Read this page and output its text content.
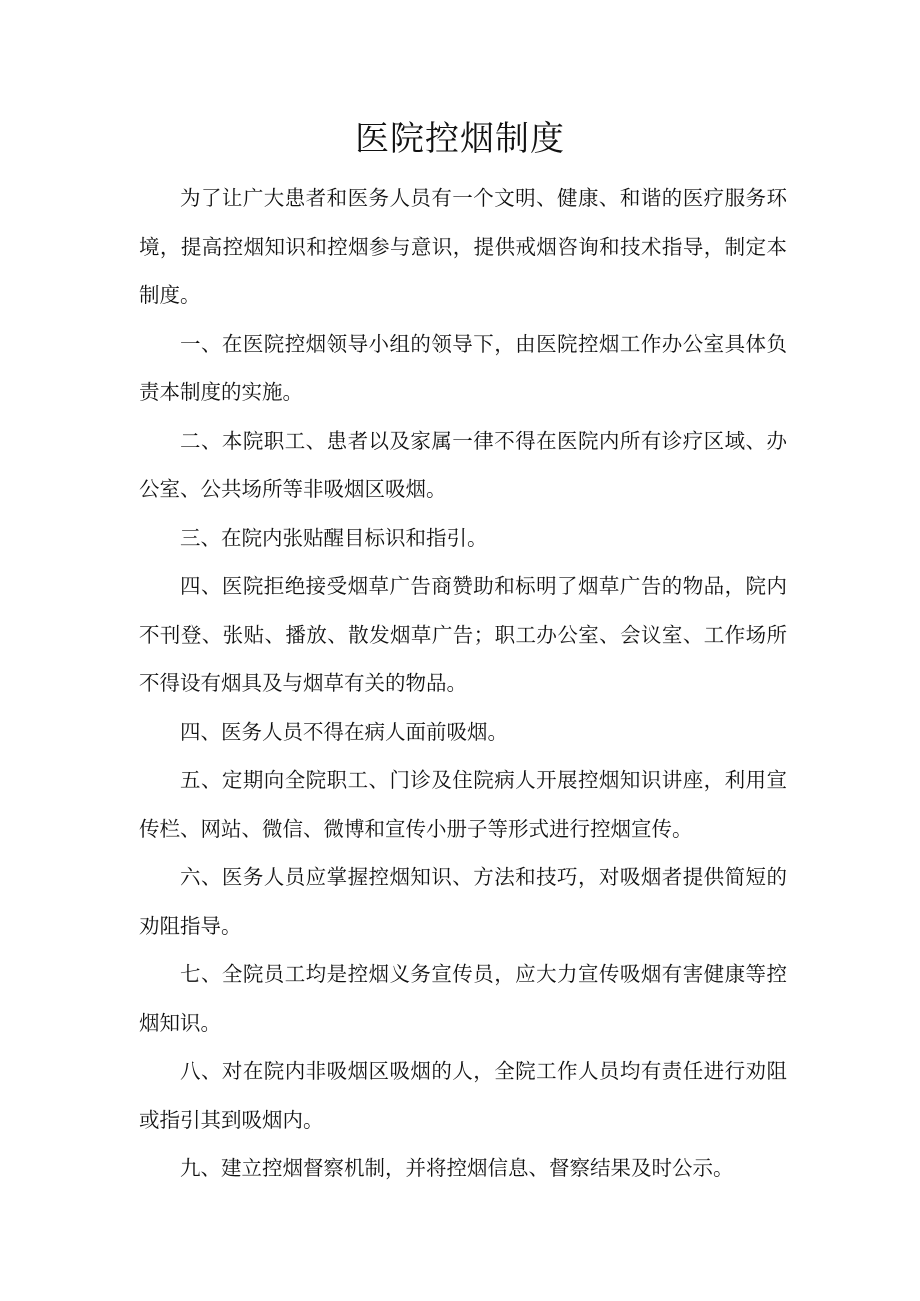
医院控烟制度

为了让广大患者和医务人员有一个文明、健康、和谐的医疗服务环境，提高控烟知识和控烟参与意识，提供戒烟咨询和技术指导，制定本制度。

一、在医院控烟领导小组的领导下，由医院控烟工作办公室具体负责本制度的实施。

二、本院职工、患者以及家属一律不得在医院内所有诊疗区域、办公室、公共场所等非吸烟区吸烟。

三、在院内张贴醒目标识和指引。

四、医院拒绝接受烟草广告商赞助和标明了烟草广告的物品，院内不刊登、张贴、播放、散发烟草广告；职工办公室、会议室、工作场所不得设有烟具及与烟草有关的物品。

四、医务人员不得在病人面前吸烟。

五、定期向全院职工、门诊及住院病人开展控烟知识讲座，利用宣传栏、网站、微信、微博和宣传小册子等形式进行控烟宣传。

六、医务人员应掌握控烟知识、方法和技巧，对吸烟者提供简短的劝阻指导。

七、全院员工均是控烟义务宣传员，应大力宣传吸烟有害健康等控烟知识。

八、对在院内非吸烟区吸烟的人，全院工作人员均有责任进行劝阻或指引其到吸烟内。

九、建立控烟督察机制，并将控烟信息、督察结果及时公示。
